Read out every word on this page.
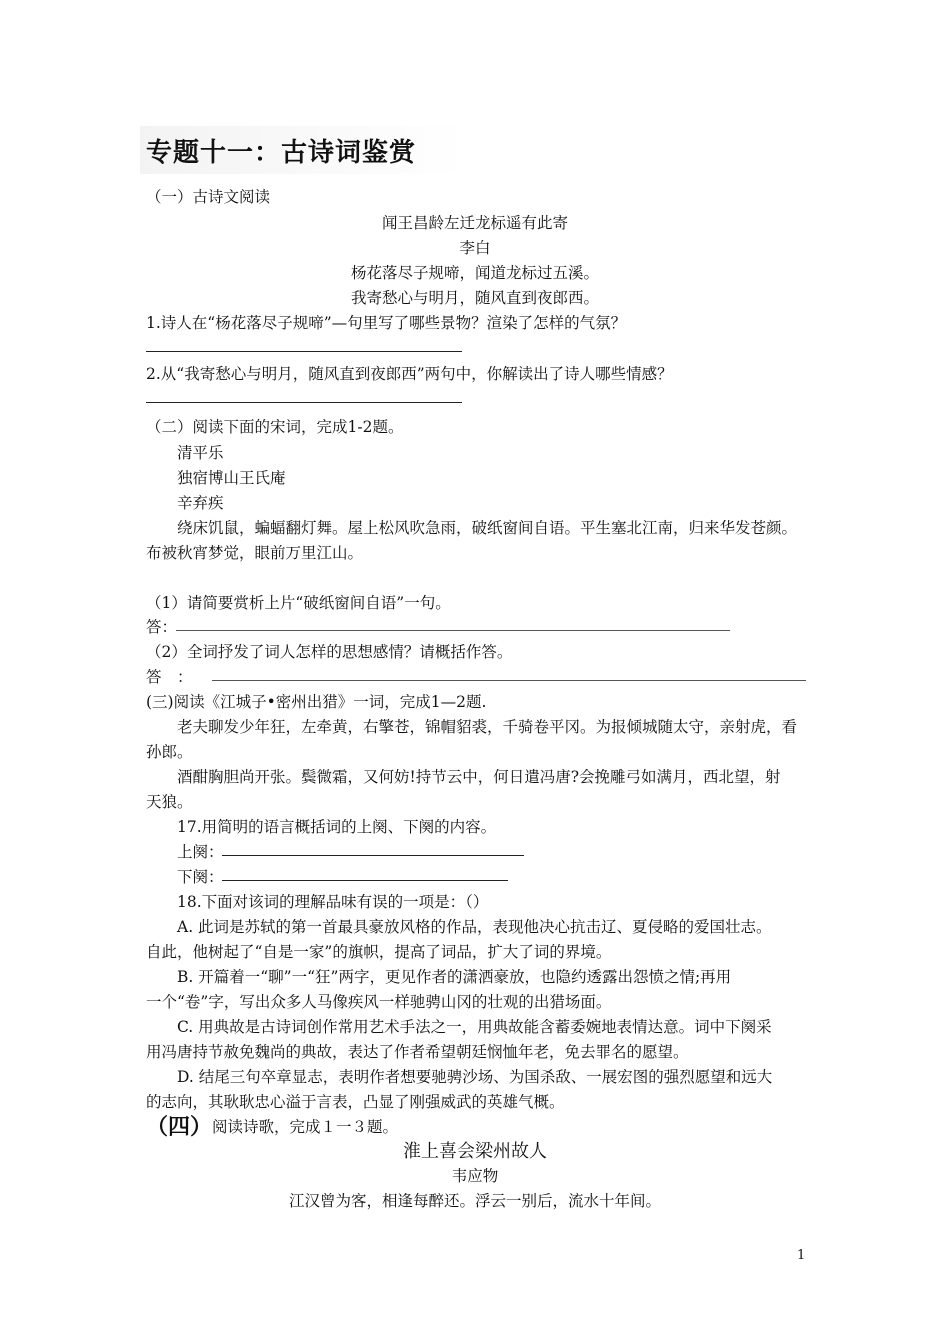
专题十一：古诗词鉴赏
（一）古诗文阅读
闻王昌龄左迁龙标遥有此寄
李白
杨花落尽子规啼，闻道龙标过五溪。
我寄愁心与明月，随风直到夜郎西。
1.诗人在“杨花落尽子规啼”—句里写了哪些景物？渲染了怎样的气氛？
2.从“我寄愁心与明月，随风直到夜郎西”两句中，你解读出了诗人哪些情感？
（二）阅读下面的宋词，完成1-2题。
清平乐
独宿博山王氏庵
辛弃疾
绕床饥鼠，蝙蝠翻灯舞。屋上松风吹急雨，破纸窗间自语。平生塞北江南，归来华发苍颜。
布被秋宵梦觉，眼前万里江山。
（1）请简要赏析上片“破纸窗间自语”一句。
答：
（2）全词抒发了词人怎样的思想感情？请概括作答。
答　：
(三)阅读《江城子•密州出猎》一词，完成1—2题.
老夫聊发少年狂，左牵黄，右擎苍，锦帽貂裘，千骑卷平冈。为报倾城随太守，亲射虎，看
孙郎。
酒酣胸胆尚开张。鬓微霜，又何妨!持节云中，何日遣冯唐?会挽雕弓如满月，西北望，射
天狼。
17.用简明的语言概括词的上阕、下阕的内容。
上阕：
下阕：
18.下面对该词的理解品味有误的一项是：（）
A. 此词是苏轼的第一首最具豪放风格的作品，表现他决心抗击辽、夏侵略的爱国壮志。
自此，他树起了“自是一家”的旗帜，提高了词品，扩大了词的界境。
B. 开篇着一“聊”一“狂”两字，更见作者的潇洒豪放，也隐约透露出怨愤之情;再用
一个“卷”字，写出众多人马像疾风一样驰骋山冈的壮观的出猎场面。
C. 用典故是古诗词创作常用艺术手法之一，用典故能含蓄委婉地表情达意。词中下阕采
用冯唐持节赦免魏尚的典故，表达了作者希望朝廷悯恤年老，免去罪名的愿望。
D. 结尾三句卒章显志，表明作者想要驰骋沙场、为国杀敌、一展宏图的强烈愿望和远大
的志向，其耿耿忠心溢于言表，凸显了刚强威武的英雄气概。
（四） 阅读诗歌，完成１一３题。
淮上喜会梁州故人
韦应物
江汉曾为客，相逢每醉还。浮云一别后，流水十年间。
1
